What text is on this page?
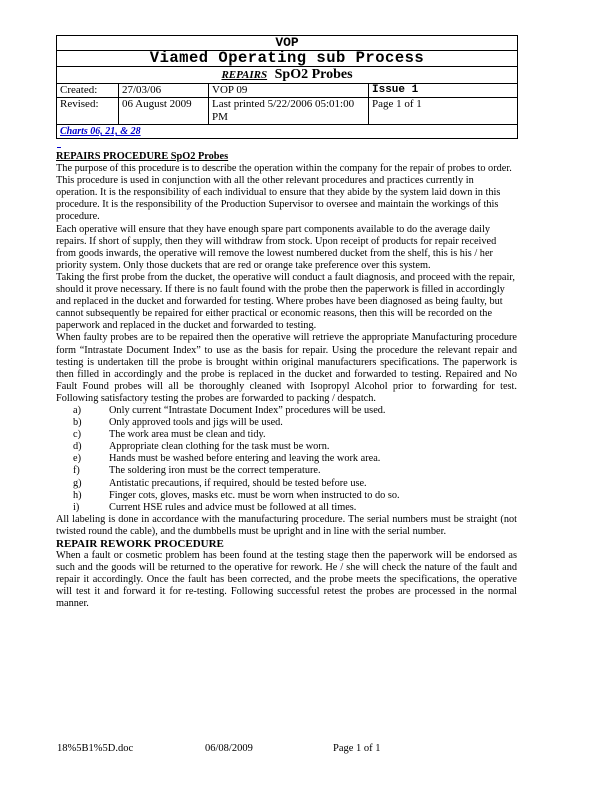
VOP			
Viamed Operating sub Process			
REPAIRS SpO2 Probes			
Created:	27/03/06	VOP 09	Issue 1
Revised:	06 August 2009	Last printed 5/22/2006 05:01:00 PM	Page 1 of 1
Charts 06, 21, & 28			

REPAIRS PROCEDURE SpO2 Probes

The purpose of this procedure is to describe the operation within the company for the repair of probes to order. This procedure is used in conjunction with all the other relevant procedures and practices currently in operation. It is the responsibility of each individual to ensure that they abide by the system laid down in this procedure. It is the responsibility of the Production Supervisor to oversee and maintain the workings of this procedure.

Each operative will ensure that they have enough spare part components available to do the average daily repairs. If short of supply, then they will withdraw from stock. Upon receipt of products for repair received from goods inwards, the operative will remove the lowest numbered ducket from the shelf, this is his / her priority system. Only those duckets that are red or orange take preference over this system.

Taking the first probe from the ducket, the operative will conduct a fault diagnosis, and proceed with the repair, should it prove necessary. If there is no fault found with the probe then the paperwork is filled in accordingly and replaced in the ducket and forwarded for testing. Where probes have been diagnosed as being faulty, but cannot subsequently be repaired for either practical or economic reasons, then this will be recorded on the paperwork and replaced in the ducket and forwarded to testing.

When faulty probes are to be repaired then the operative will retrieve the appropriate Manufacturing procedure form “Intrastate Document Index” to use as the basis for repair. Using the procedure the relevant repair and testing is undertaken till the probe is brought within original manufacturers specifications. The paperwork is then filled in accordingly and the probe is replaced in the ducket and forwarded to testing. Repaired and No Fault Found probes will all be thoroughly cleaned with Isopropyl Alcohol prior to forwarding for test. Following satisfactory testing the probes are forwarded to packing / despatch.

a)	Only current “Intrastate Document Index” procedures will be used.
b)	Only approved tools and jigs will be used.
c)	The work area must be clean and tidy.
d)	Appropriate clean clothing for the task must be worn.
e)	Hands must be washed before entering and leaving the work area.
f)	The soldering iron must be the correct temperature.
g)	Antistatic precautions, if required, should be tested before use.
h)	Finger cots, gloves, masks etc. must be worn when instructed to do so.
i)	Current HSE rules and advice must be followed at all times.

All labeling is done in accordance with the manufacturing procedure. The serial numbers must be straight (not twisted round the cable), and the dumbbells must be upright and in line with the serial number.

REPAIR REWORK PROCEDURE

When a fault or cosmetic problem has been found at the testing stage then the paperwork will be endorsed as such and the goods will be returned to the operative for rework. He / she will check the nature of the fault and repair it accordingly. Once the fault has been corrected, and the probe meets the specifications, the operative will test it and forward it for re-testing. Following successful retest the probes are processed in the normal manner.

18%5B1%5D.doc	06/08/2009	Page 1 of 1
